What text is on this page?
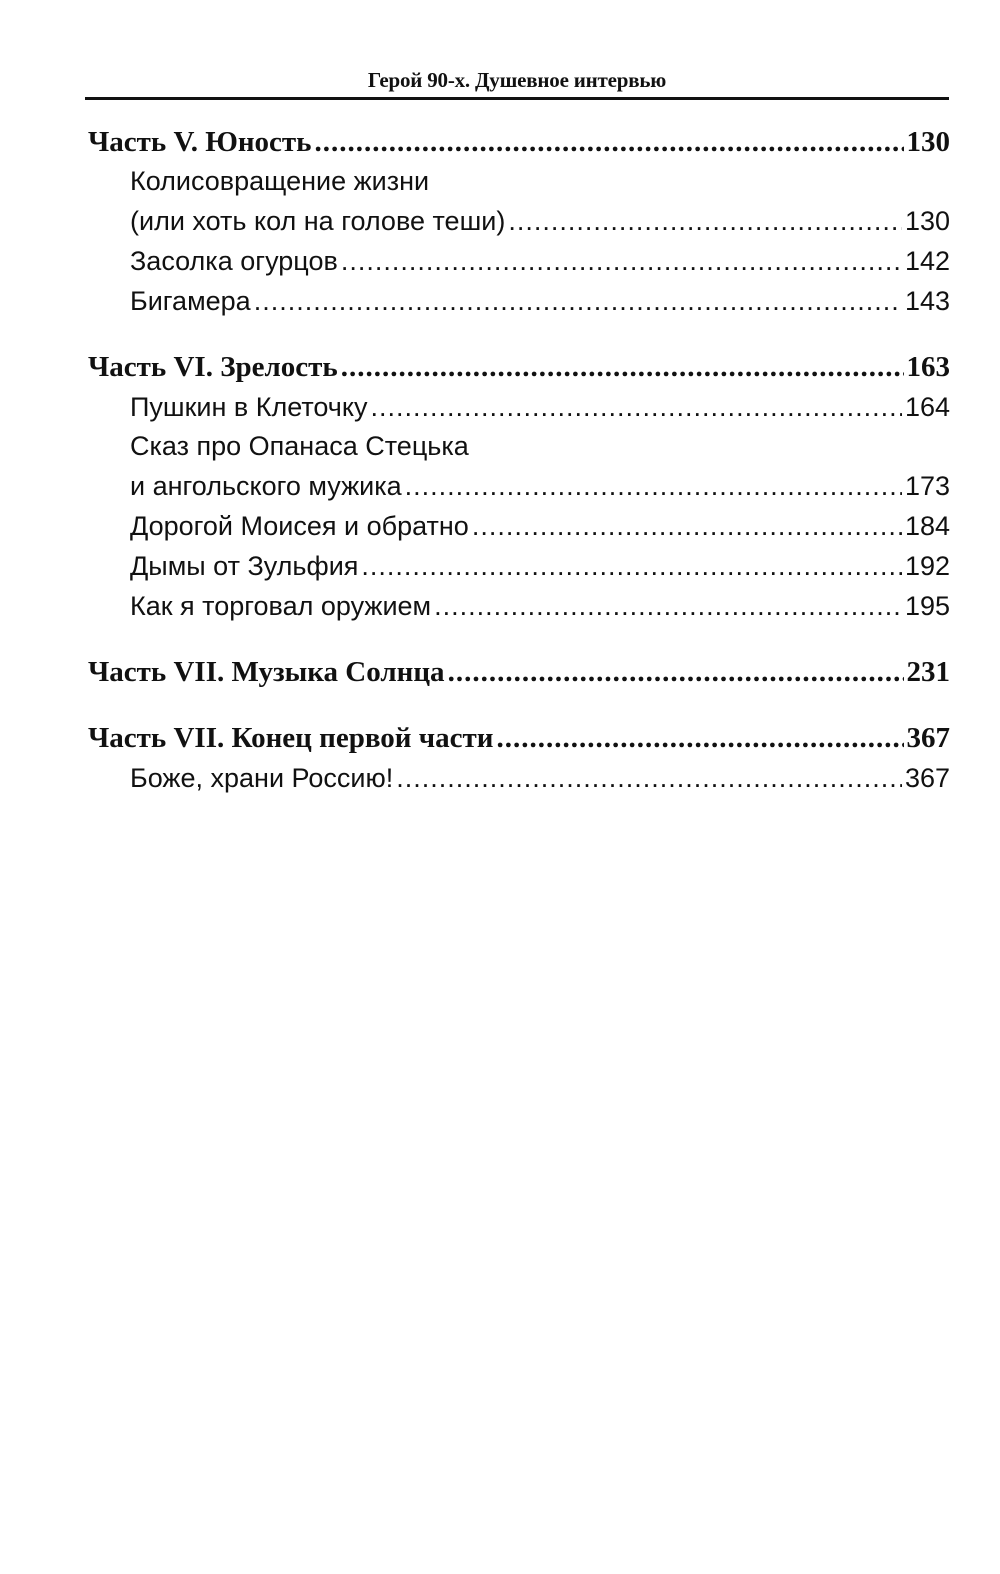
Герой 90-х. Душевное интервью
Часть V. Юность .....	130
Колисовращение жизни
(или хоть кол на голове теши) .....	130
Засолка огурцов .....	142
Бигамера .....	143
Часть VI. Зрелость .....	163
Пушкин в Клеточку .....	164
Сказ про Опанаса Стецька
и ангольского мужика .....	173
Дорогой Моисея и обратно .....	184
Дымы от Зульфия .....	192
Как я торговал оружием .....	195
Часть VII. Музыка Солнца .....	231
Часть VII. Конец первой части .....	367
Боже, храни Россию! .....	367
